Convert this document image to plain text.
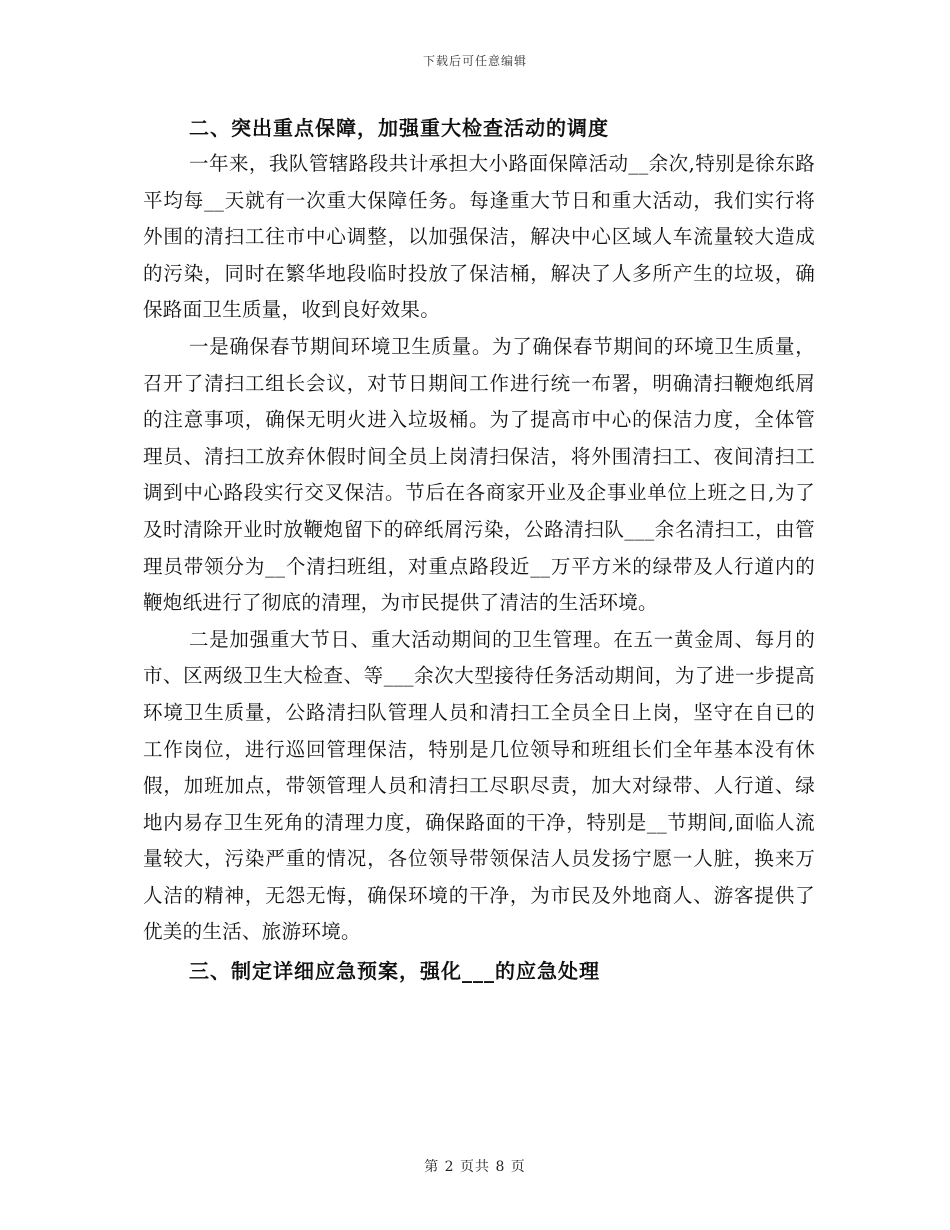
下载后可任意编辑
二、突出重点保障，加强重大检查活动的调度

一年来，我队管辖路段共计承担大小路面保障活动__余次,特别是徐东路平均每__天就有一次重大保障任务。每逢重大节日和重大活动，我们实行将外围的清扫工往市中心调整，以加强保洁，解决中心区域人车流量较大造成的污染，同时在繁华地段临时投放了保洁桶，解决了人多所产生的垃圾，确保路面卫生质量，收到良好效果。

一是确保春节期间环境卫生质量。为了确保春节期间的环境卫生质量，召开了清扫工组长会议，对节日期间工作进行统一布署，明确清扫鞭炮纸屑的注意事项，确保无明火进入垃圾桶。为了提高市中心的保洁力度，全体管理员、清扫工放弃休假时间全员上岗清扫保洁，将外围清扫工、夜间清扫工调到中心路段实行交叉保洁。节后在各商家开业及企事业单位上班之日,为了及时清除开业时放鞭炮留下的碎纸屑污染，公路清扫队___余名清扫工，由管理员带领分为__个清扫班组，对重点路段近__万平方米的绿带及人行道内的鞭炮纸进行了彻底的清理，为市民提供了清洁的生活环境。

二是加强重大节日、重大活动期间的卫生管理。在五一黄金周、每月的市、区两级卫生大检查、等___余次大型接待任务活动期间，为了进一步提高环境卫生质量，公路清扫队管理人员和清扫工全员全日上岗，坚守在自已的工作岗位，进行巡回管理保洁，特别是几位领导和班组长们全年基本没有休假，加班加点，带领管理人员和清扫工尽职尽责，加大对绿带、人行道、绿地内易存卫生死角的清理力度，确保路面的干净，特别是__节期间,面临人流量较大，污染严重的情况，各位领导带领保洁人员发扬宁愿一人脏，换来万人洁的精神，无怨无悔，确保环境的干净，为市民及外地商人、游客提供了优美的生活、旅游环境。

三、制定详细应急预案，强化___的应急处理
第 2 页共 8 页
